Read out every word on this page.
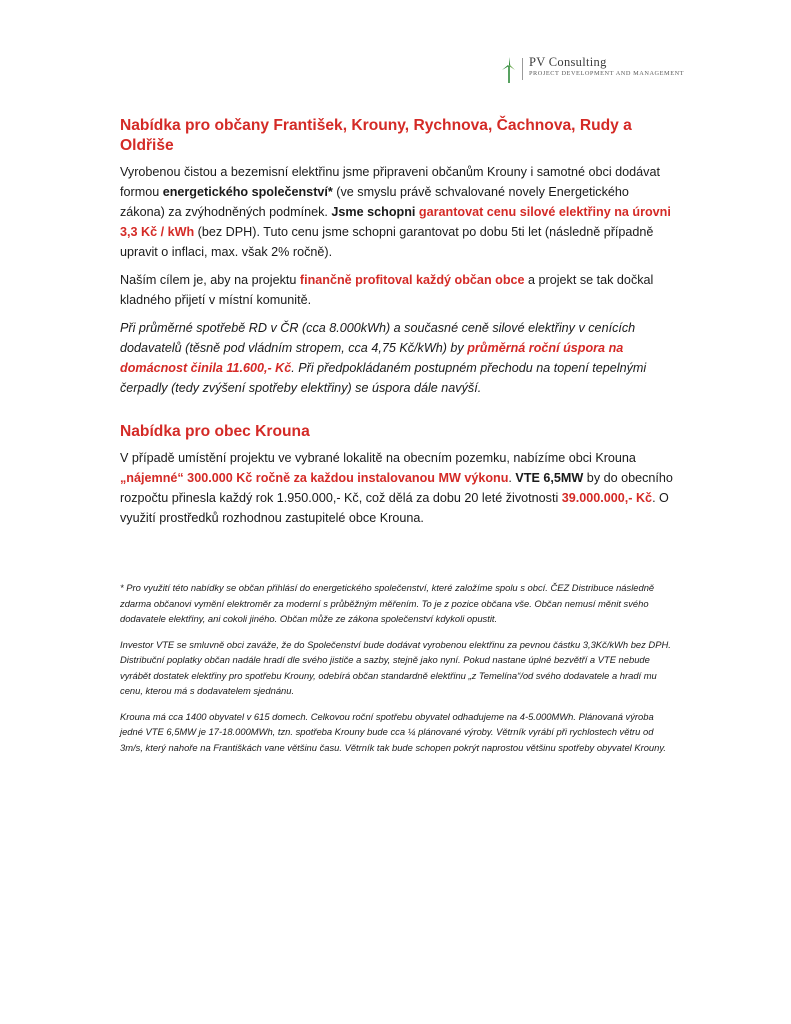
PV Consulting
PROJECT DEVELOPMENT AND MANAGEMENT
Nabídka pro občany František, Krouny, Rychnova, Čachnova, Rudy a Oldřiše

Vyrobenou čistou a bezemisní elektřinu jsme připraveni občanům Krouny i samotné obci dodávat formou energetického společenství* (ve smyslu právě schvalované novely Energetického zákona) za zvýhodněných podmínek. Jsme schopni garantovat cenu silové elektřiny na úrovni 3,3 Kč / kWh (bez DPH). Tuto cenu jsme schopni garantovat po dobu 5ti let (následně případně upravit o inflaci, max. však 2% ročně).

Naším cílem je, aby na projektu finančně profitoval každý občan obce a projekt se tak dočkal kladného přijetí v místní komunitě.

Při průměrné spotřebě RD v ČR (cca 8.000kWh) a současné ceně silové elektřiny v cenících dodavatelů (těsně pod vládním stropem, cca 4,75 Kč/kWh) by průměrná roční úspora na domácnost činila 11.600,- Kč. Při předpokládaném postupném přechodu na topení tepelnými čerpadly (tedy zvýšení spotřeby elektřiny) se úspora dále navýší.

Nabídka pro obec Krouna

V případě umístění projektu ve vybrané lokalitě na obecním pozemku, nabízíme obci Krouna „nájemné“ 300.000 Kč ročně za každou instalovanou MW výkonu. VTE 6,5MW by do obecního rozpočtu přinesla každý rok 1.950.000,- Kč, což dělá za dobu 20 leté životnosti 39.000.000,- Kč. O využití prostředků rozhodnou zastupitelé obce Krouna.

* Pro využití této nabídky se občan přihlásí do energetického společenství, které založíme spolu s obcí. ČEZ Distribuce následně zdarma občanovi vymění elektroměr za moderní s průběžným měřením. To je z pozice občana vše. Občan nemusí měnit svého dodavatele elektřiny, ani cokoli jiného. Občan může ze zákona společenství kdykoli opustit.

Investor VTE se smluvně obci zaváže, že do Společenství bude dodávat vyrobenou elektřinu za pevnou částku 3,3Kč/kWh bez DPH. Distribuční poplatky občan nadále hradí dle svého jističe a sazby, stejně jako nyní. Pokud nastane úplné bezvětří a VTE nebude vyrábět dostatek elektřiny pro spotřebu Krouny, odebírá občan standardně elektřinu „z Temelína“/od svého dodavatele a hradí mu cenu, kterou má s dodavatelem sjednánu.

Krouna má cca 1400 obyvatel v 615 domech. Celkovou roční spotřebu obyvatel odhadujeme na 4-5.000MWh. Plánovaná výroba jedné VTE 6,5MW je 17-18.000MWh, tzn. spotřeba Krouny bude cca ¼ plánované výroby. Větrník vyrábí při rychlostech větru od 3m/s, který nahoře na Františkách vane většinu času. Větrník tak bude schopen pokrýt naprostou většinu spotřeby obyvatel Krouny.
